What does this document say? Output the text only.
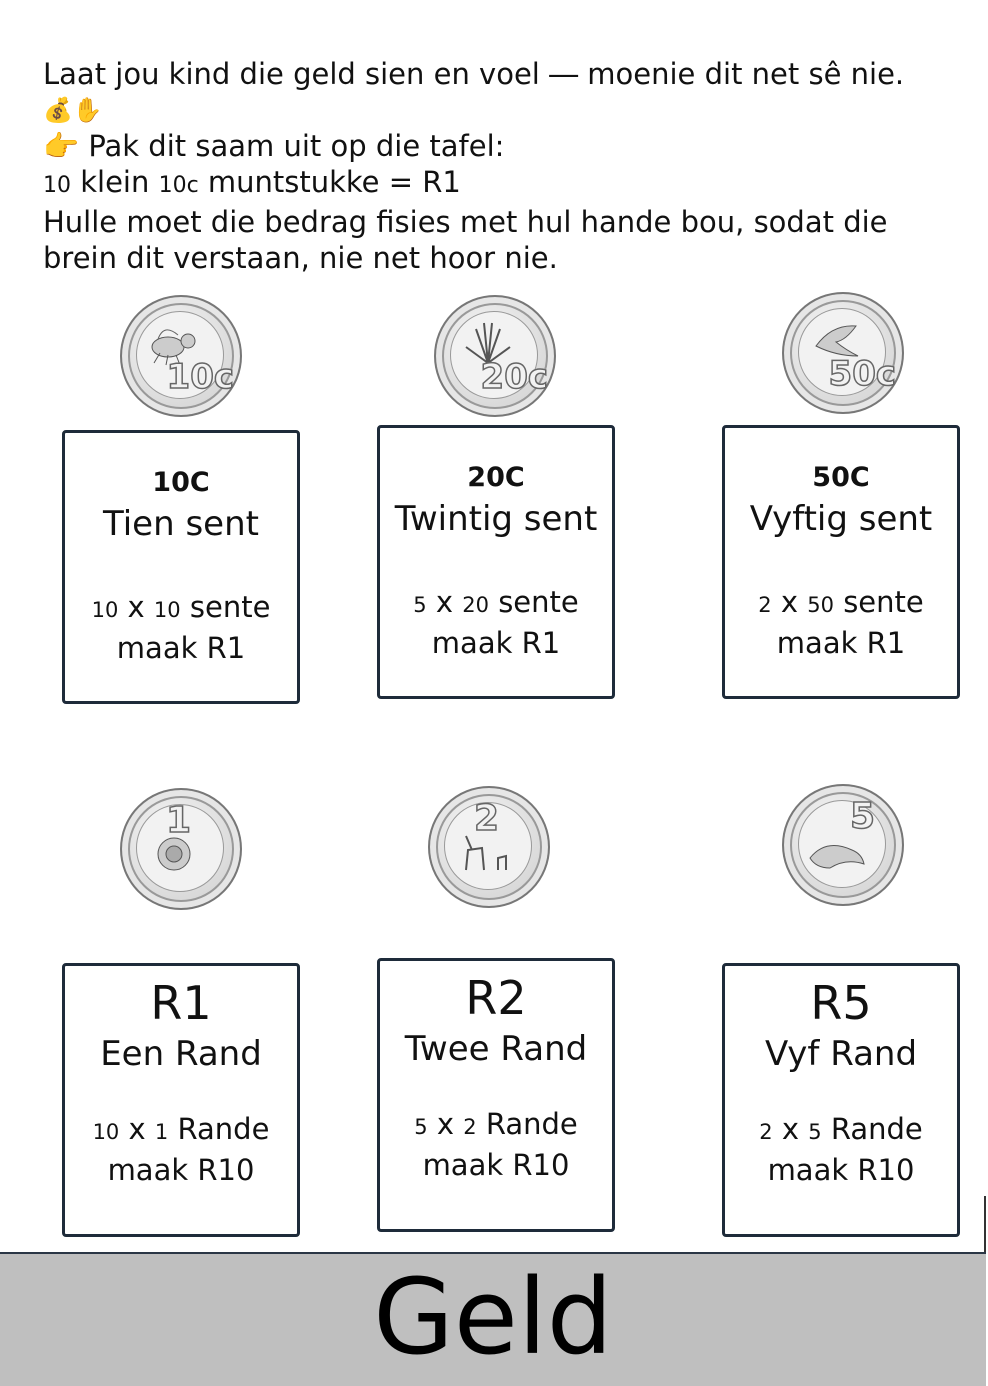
Laat jou kind die geld sien en voel ― moenie dit net sê nie.
💰✋
👉 Pak dit saam uit op die tafel:
10 klein 10c muntstukke = R1
Hulle moet die bedrag fisies met hul hande bou, sodat die
brein dit verstaan, nie net hoor nie.
10c	20c	50c
10C
Tien sent
10 x 10 sente
maak R1
20C
Twintig sent
5 x 20 sente
maak R1
50C
Vyftig sent
2 x 50 sente
maak R1
1	2	5
R1
Een Rand
10 x 1 Rande
maak R10
R2
Twee Rand
5 x 2 Rande
maak R10
R5
Vyf Rand
2 x 5 Rande
maak R10
Geld
